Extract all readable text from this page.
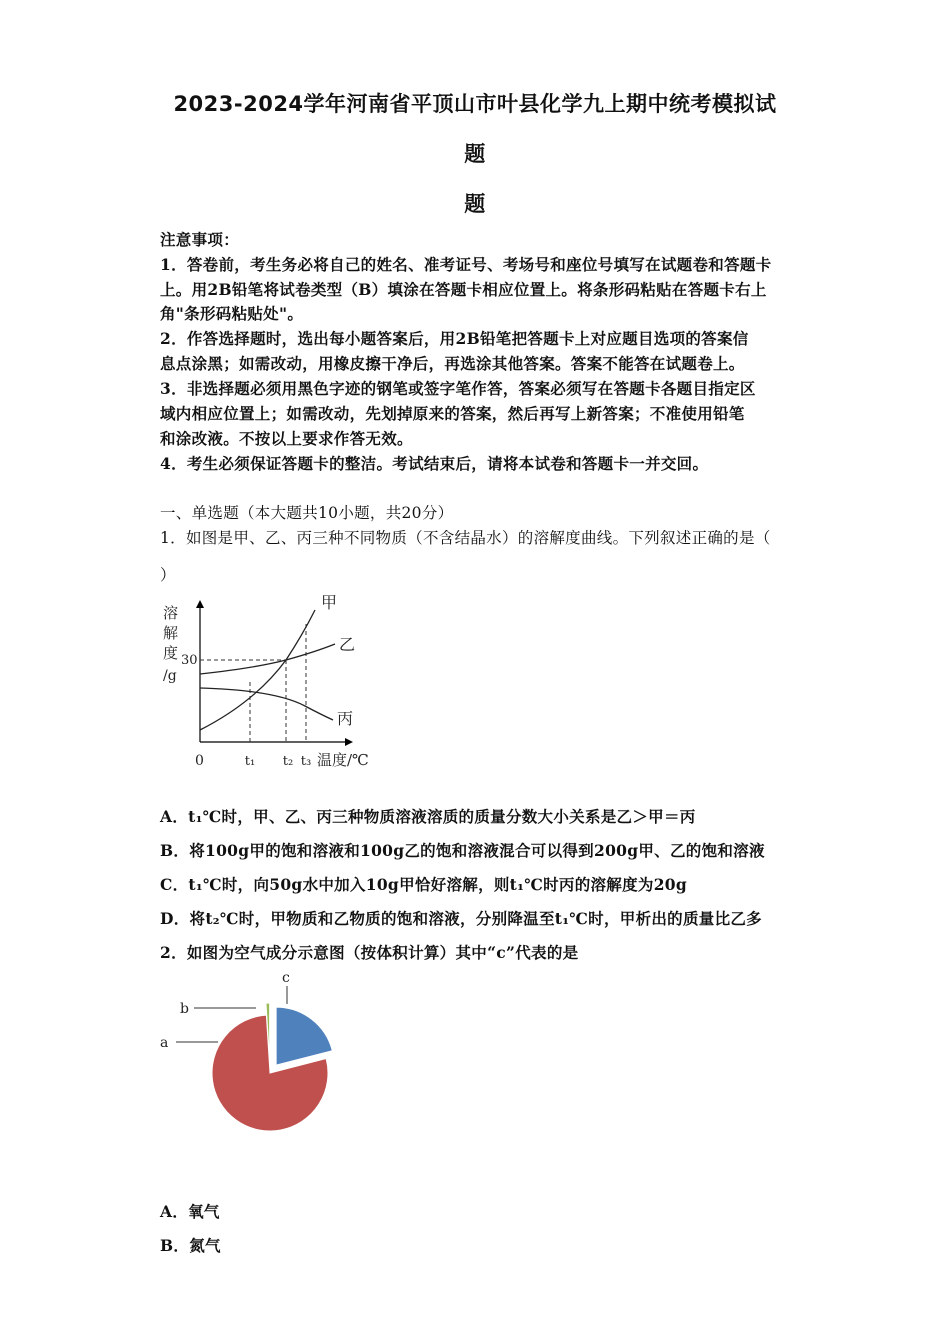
2023-2024学年河南省平顶山市叶县化学九上期中统考模拟试
题
题
注意事项：
1．答卷前，考生务必将自己的姓名、准考证号、考场号和座位号填写在试题卷和答题卡
上。用2B铅笔将试卷类型（B）填涂在答题卡相应位置上。将条形码粘贴在答题卡右上
角"条形码粘贴处"。
2．作答选择题时，选出每小题答案后，用2B铅笔把答题卡上对应题目选项的答案信
息点涂黑；如需改动，用橡皮擦干净后，再选涂其他答案。答案不能答在试题卷上。
3．非选择题必须用黑色字迹的钢笔或签字笔作答，答案必须写在答题卡各题目指定区
域内相应位置上；如需改动，先划掉原来的答案，然后再写上新答案；不准使用铅笔
和涂改液。不按以上要求作答无效。
4．考生必须保证答题卡的整洁。考试结束后，请将本试卷和答题卡一并交回。
一、单选题（本大题共10小题，共20分）
1．如图是甲、乙、丙三种不同物质（不含结晶水）的溶解度曲线。下列叙述正确的是（
）
溶
解
度
/g
30
甲
乙
丙
0	t₁ t₂ t₃ 温度/℃
A．t₁℃时，甲、乙、丙三种物质溶液溶质的质量分数大小关系是乙＞甲＝丙
B．将100g甲的饱和溶液和100g乙的饱和溶液混合可以得到200g甲、乙的饱和溶液
C．t₁℃时，向50g水中加入10g甲恰好溶解，则t₁℃时丙的溶解度为20g
D．将t₂℃时，甲物质和乙物质的饱和溶液，分别降温至t₁℃时，甲析出的质量比乙多
2．如图为空气成分示意图（按体积计算）其中“c”代表的是
a
b
c
A．氧气
B．氮气
